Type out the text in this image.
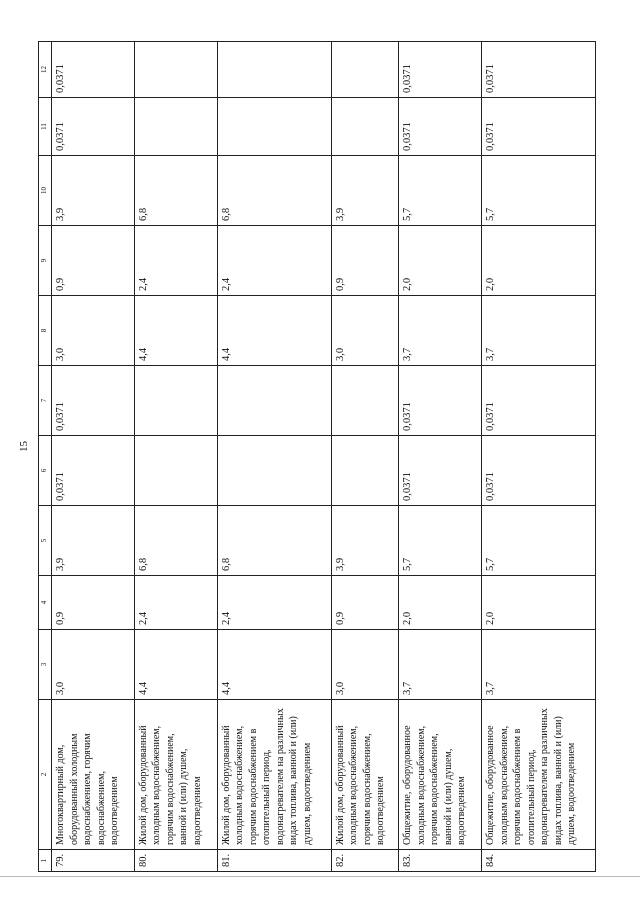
15
1	2	3	4	5	6	7	8	9	10	11	12
79.	Многоквартирный дом, оборудованный холодным водоснабжением, горячим водоснабжением, водоотведением	3,0	0,9	3,9	0,0371	0,0371	3,0	0,9	3,9	0,0371	0,0371
80.	Жилой дом, оборудованный холодным водоснабжением, горячим водоснабжением, ванной и (или) душем, водоотведением	4,4	2,4	6,8			4,4	2,4	6,8		
81.	Жилой дом, оборудованный холодным водоснабжением, горячим водоснабжением в отопительный период, водонагревателем на различных видах топлива, ванной и (или) душем, водоотведением	4,4	2,4	6,8			4,4	2,4	6,8		
82.	Жилой дом, оборудованный холодным водоснабжением, горячим водоснабжением, водоотведением	3,0	0,9	3,9			3,0	0,9	3,9		
83.	Общежитие, оборудованное холодным водоснабжением, горячим водоснабжением, ванной и (или) душем, водоотведением	3,7	2,0	5,7	0,0371	0,0371	3,7	2,0	5,7	0,0371	0,0371
84.	Общежитие, оборудованное холодным водоснабжением, горячим водоснабжением в отопительный период, водонагревателем на различных видах топлива, ванной и (или) душем, водоотведением	3,7	2,0	5,7	0,0371	0,0371	3,7	2,0	5,7	0,0371	0,0371
